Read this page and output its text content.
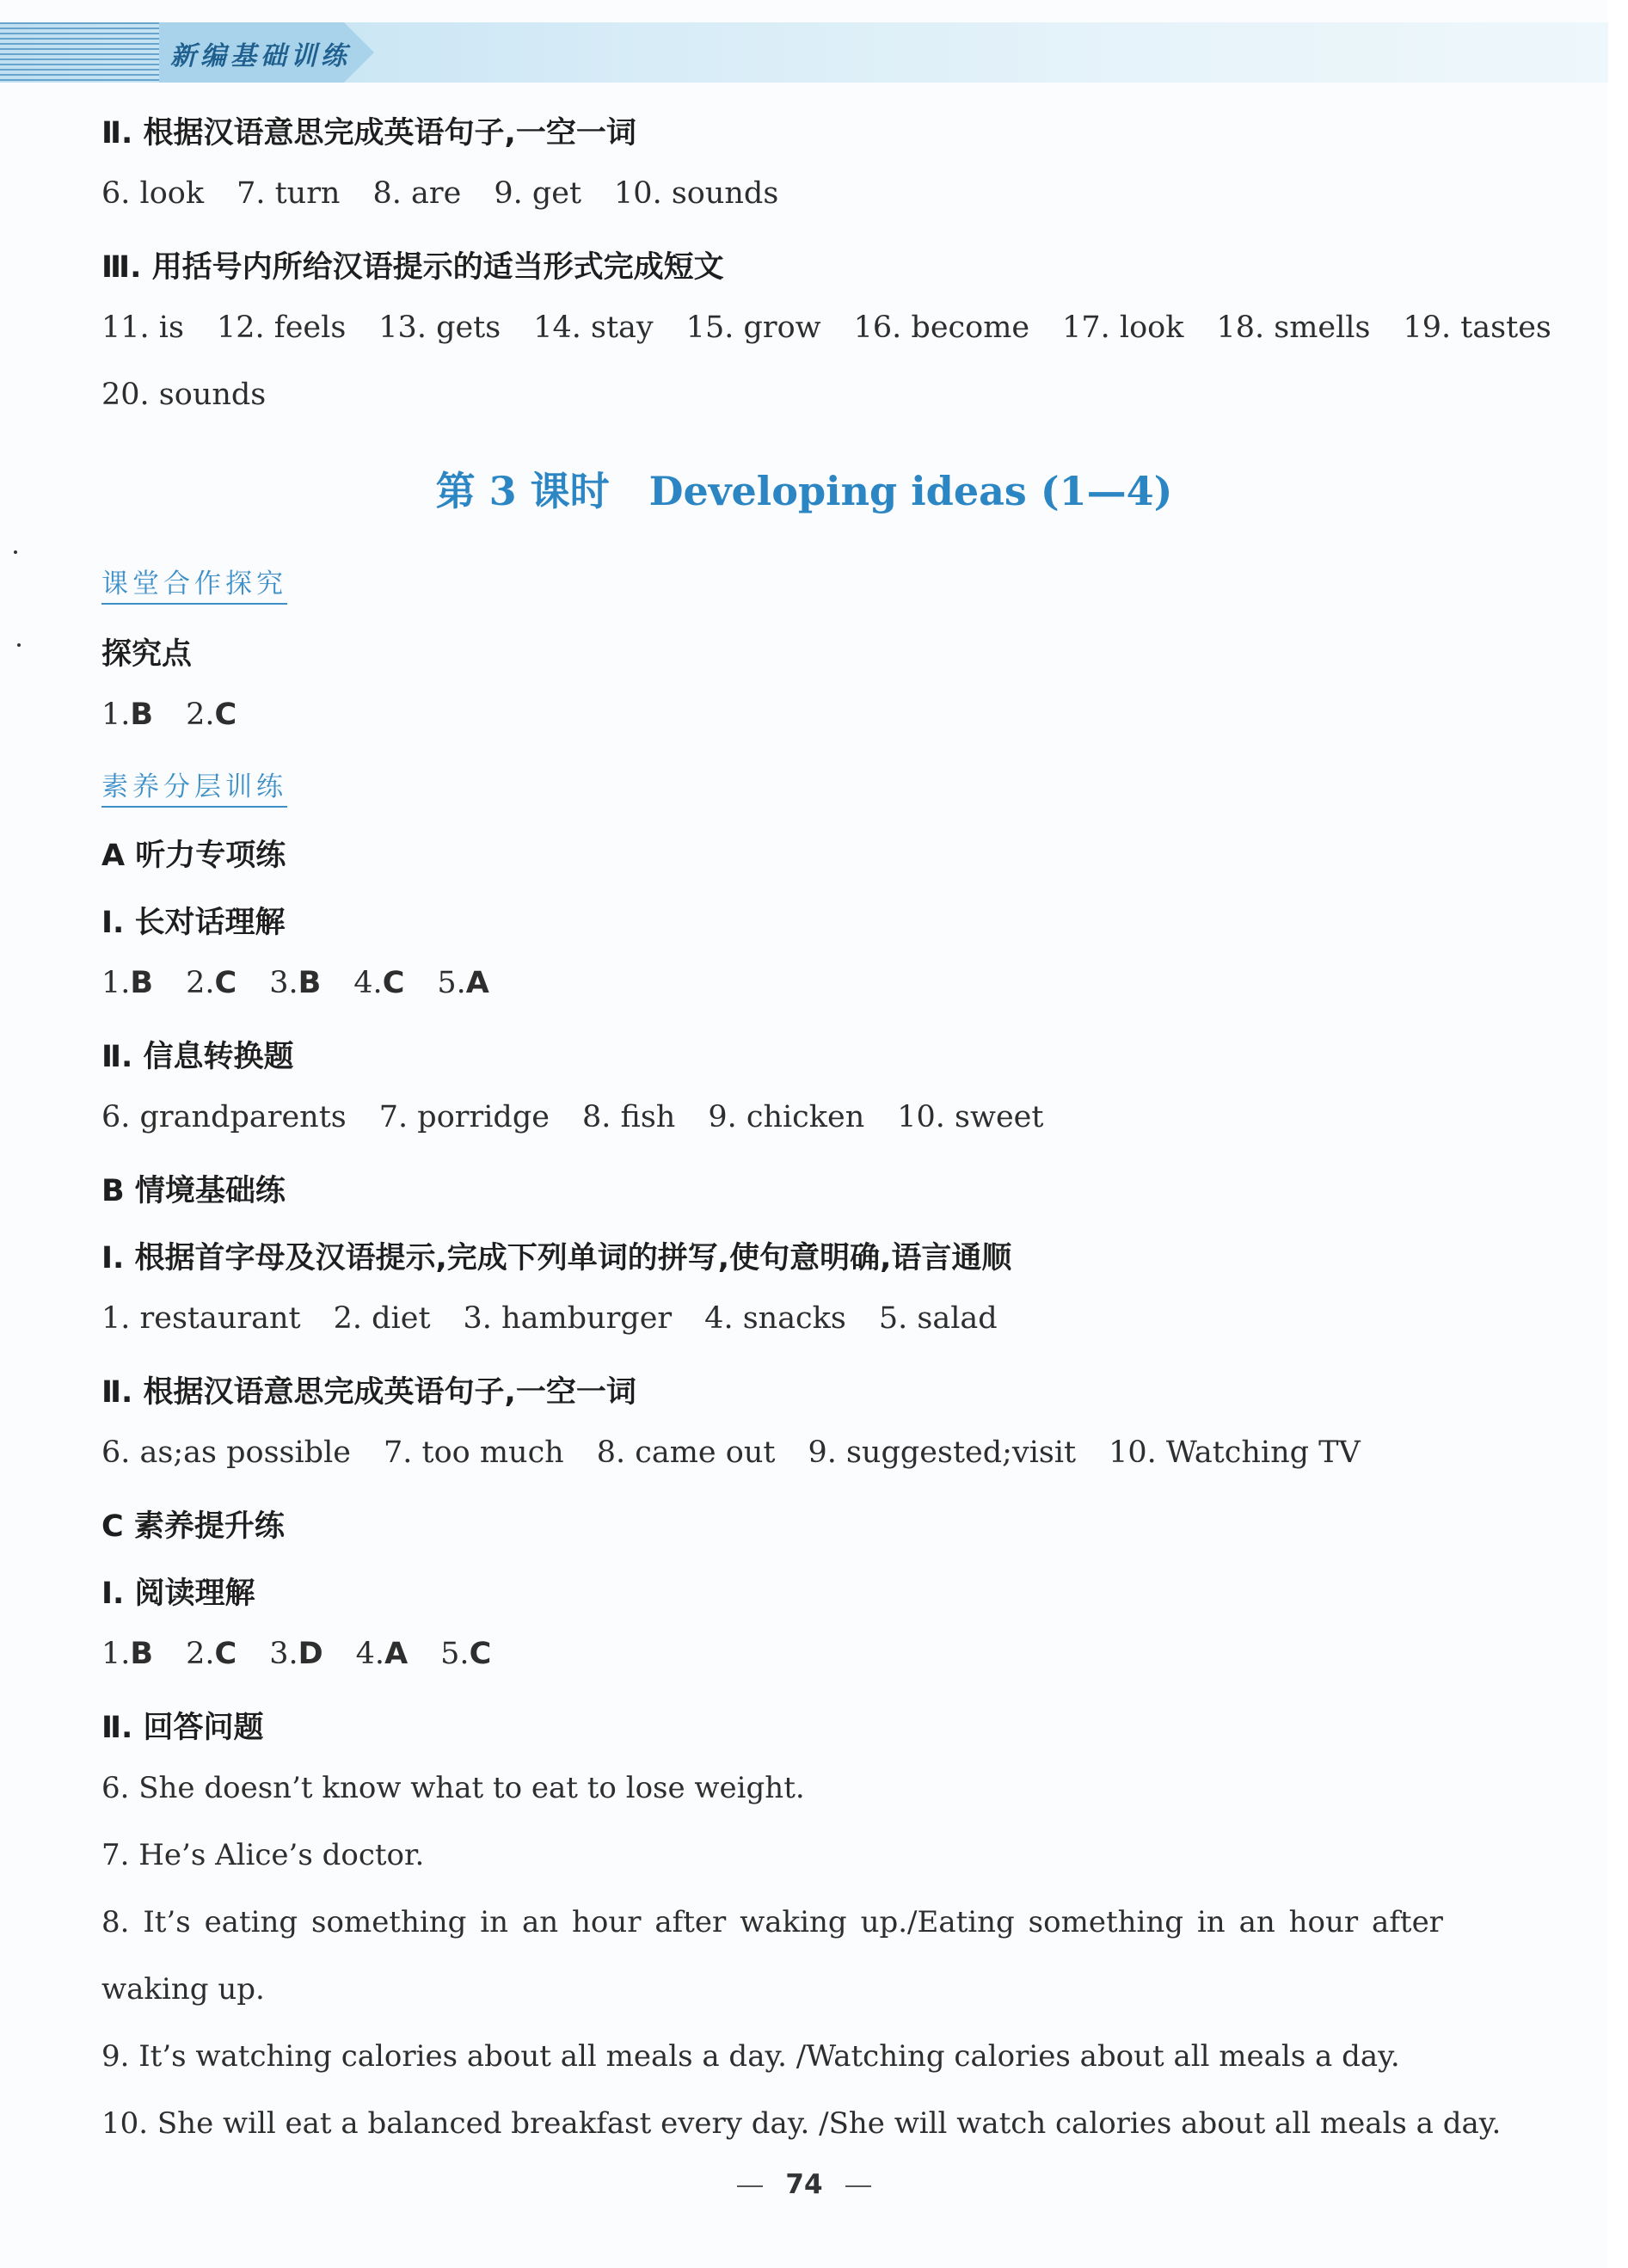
新编基础训练
Ⅱ. 根据汉语意思完成英语句子,一空一词
6. look 7. turn 8. are 9. get 10. sounds
Ⅲ. 用括号内所给汉语提示的适当形式完成短文
11. is 12. feels 13. gets 14. stay 15. grow 16. become 17. look 18. smells 19. tastes
20. sounds
第 3 课时 Developing ideas (1—4)
课堂合作探究
探究点
1.B 2.C
素养分层训练
A 听力专项练
Ⅰ. 长对话理解
1.B 2.C 3.B 4.C 5.A
Ⅱ. 信息转换题
6. grandparents 7. porridge 8. fish 9. chicken 10. sweet
B 情境基础练
Ⅰ. 根据首字母及汉语提示,完成下列单词的拼写,使句意明确,语言通顺
1. restaurant 2. diet 3. hamburger 4. snacks 5. salad
Ⅱ. 根据汉语意思完成英语句子,一空一词
6. as;as possible 7. too much 8. came out 9. suggested;visit 10. Watching TV
C 素养提升练
Ⅰ. 阅读理解
1.B 2.C 3.D 4.A 5.C
Ⅱ. 回答问题
6. She doesn’t know what to eat to lose weight.
7. He’s Alice’s doctor.
8. It’s eating something in an hour after waking up./Eating something in an hour after
waking up.
9. It’s watching calories about all meals a day. /Watching calories about all meals a day.
10. She will eat a balanced breakfast every day. /She will watch calories about all meals a day.
74
